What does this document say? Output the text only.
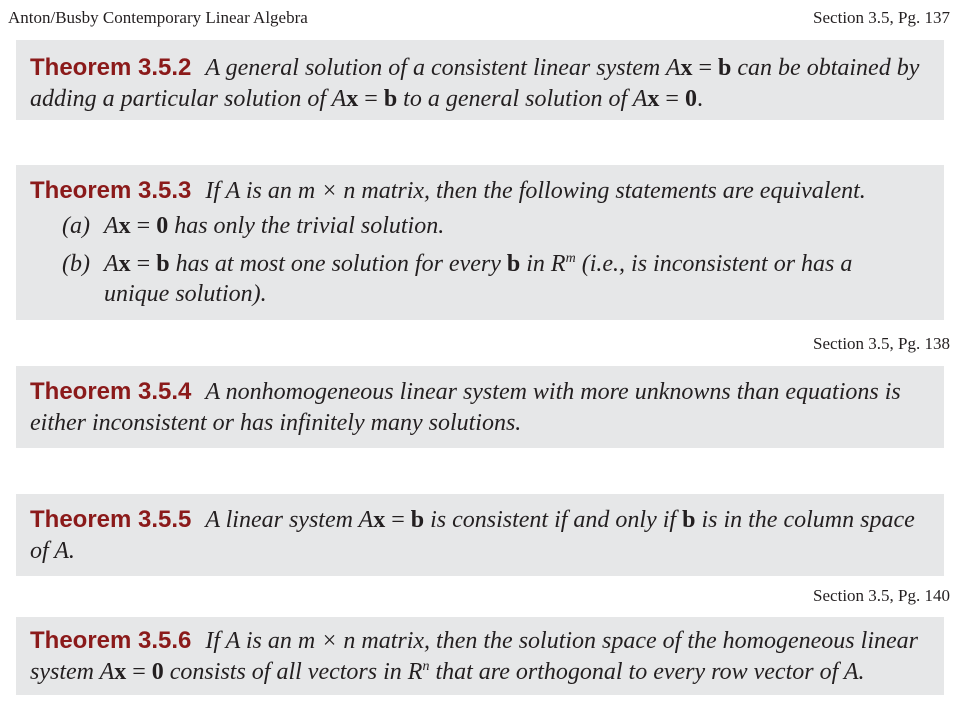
Anton/Busby Contemporary Linear Algebra	Section 3.5, Pg. 137
Theorem 3.5.2 A general solution of a consistent linear system Ax = b can be obtained by adding a particular solution of Ax = b to a general solution of Ax = 0.
Theorem 3.5.3 If A is an m × n matrix, then the following statements are equivalent.
(a) Ax = 0 has only the trivial solution.
(b) Ax = b has at most one solution for every b in $R^m$ (i.e., is inconsistent or has a
unique solution).
Section 3.5, Pg. 138
Theorem 3.5.4 A nonhomogeneous linear system with more unknowns than equations is either inconsistent or has infinitely many solutions.
Theorem 3.5.5 A linear system Ax = b is consistent if and only if b is in the column space of A.
Section 3.5, Pg. 140
Theorem 3.5.6 If A is an m × n matrix, then the solution space of the homogeneous linear system Ax = 0 consists of all vectors in $R^n$ that are orthogonal to every row vector of A.
